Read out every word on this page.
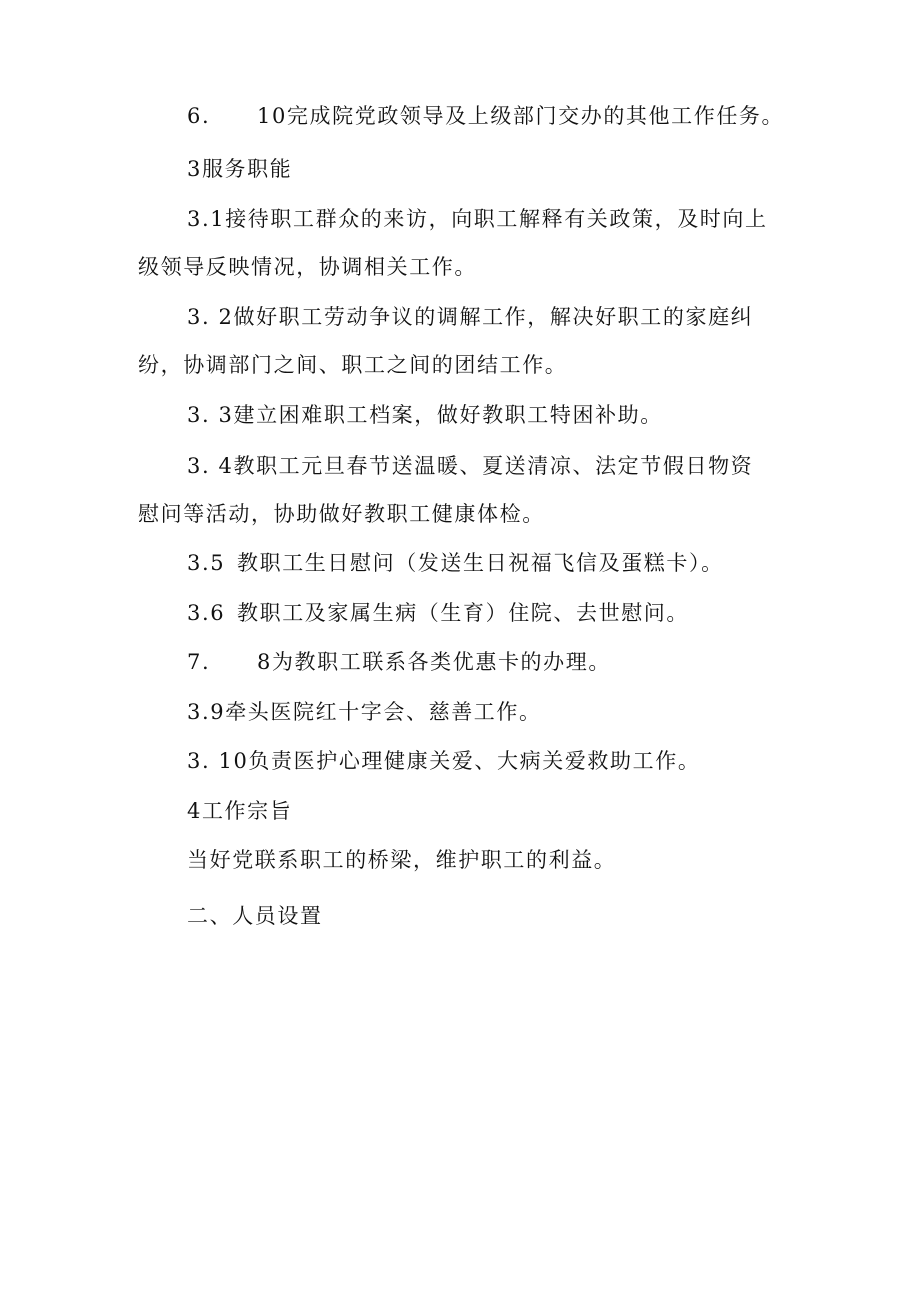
6. 10完成院党政领导及上级部门交办的其他工作任务。
3服务职能
3.1接待职工群众的来访，向职工解释有关政策，及时向上
级领导反映情况，协调相关工作。
3. 2做好职工劳动争议的调解工作，解决好职工的家庭纠
纷，协调部门之间、职工之间的团结工作。
3. 3建立困难职工档案，做好教职工特困补助。
3. 4教职工元旦春节送温暖、夏送清凉、法定节假日物资
慰问等活动，协助做好教职工健康体检。
3.5 教职工生日慰问（发送生日祝福飞信及蛋糕卡）。
3.6 教职工及家属生病（生育）住院、去世慰问。
7. 8为教职工联系各类优惠卡的办理。
3.9牵头医院红十字会、慈善工作。
3. 10负责医护心理健康关爱、大病关爱救助工作。
4工作宗旨
当好党联系职工的桥梁，维护职工的利益。
二、人员设置
